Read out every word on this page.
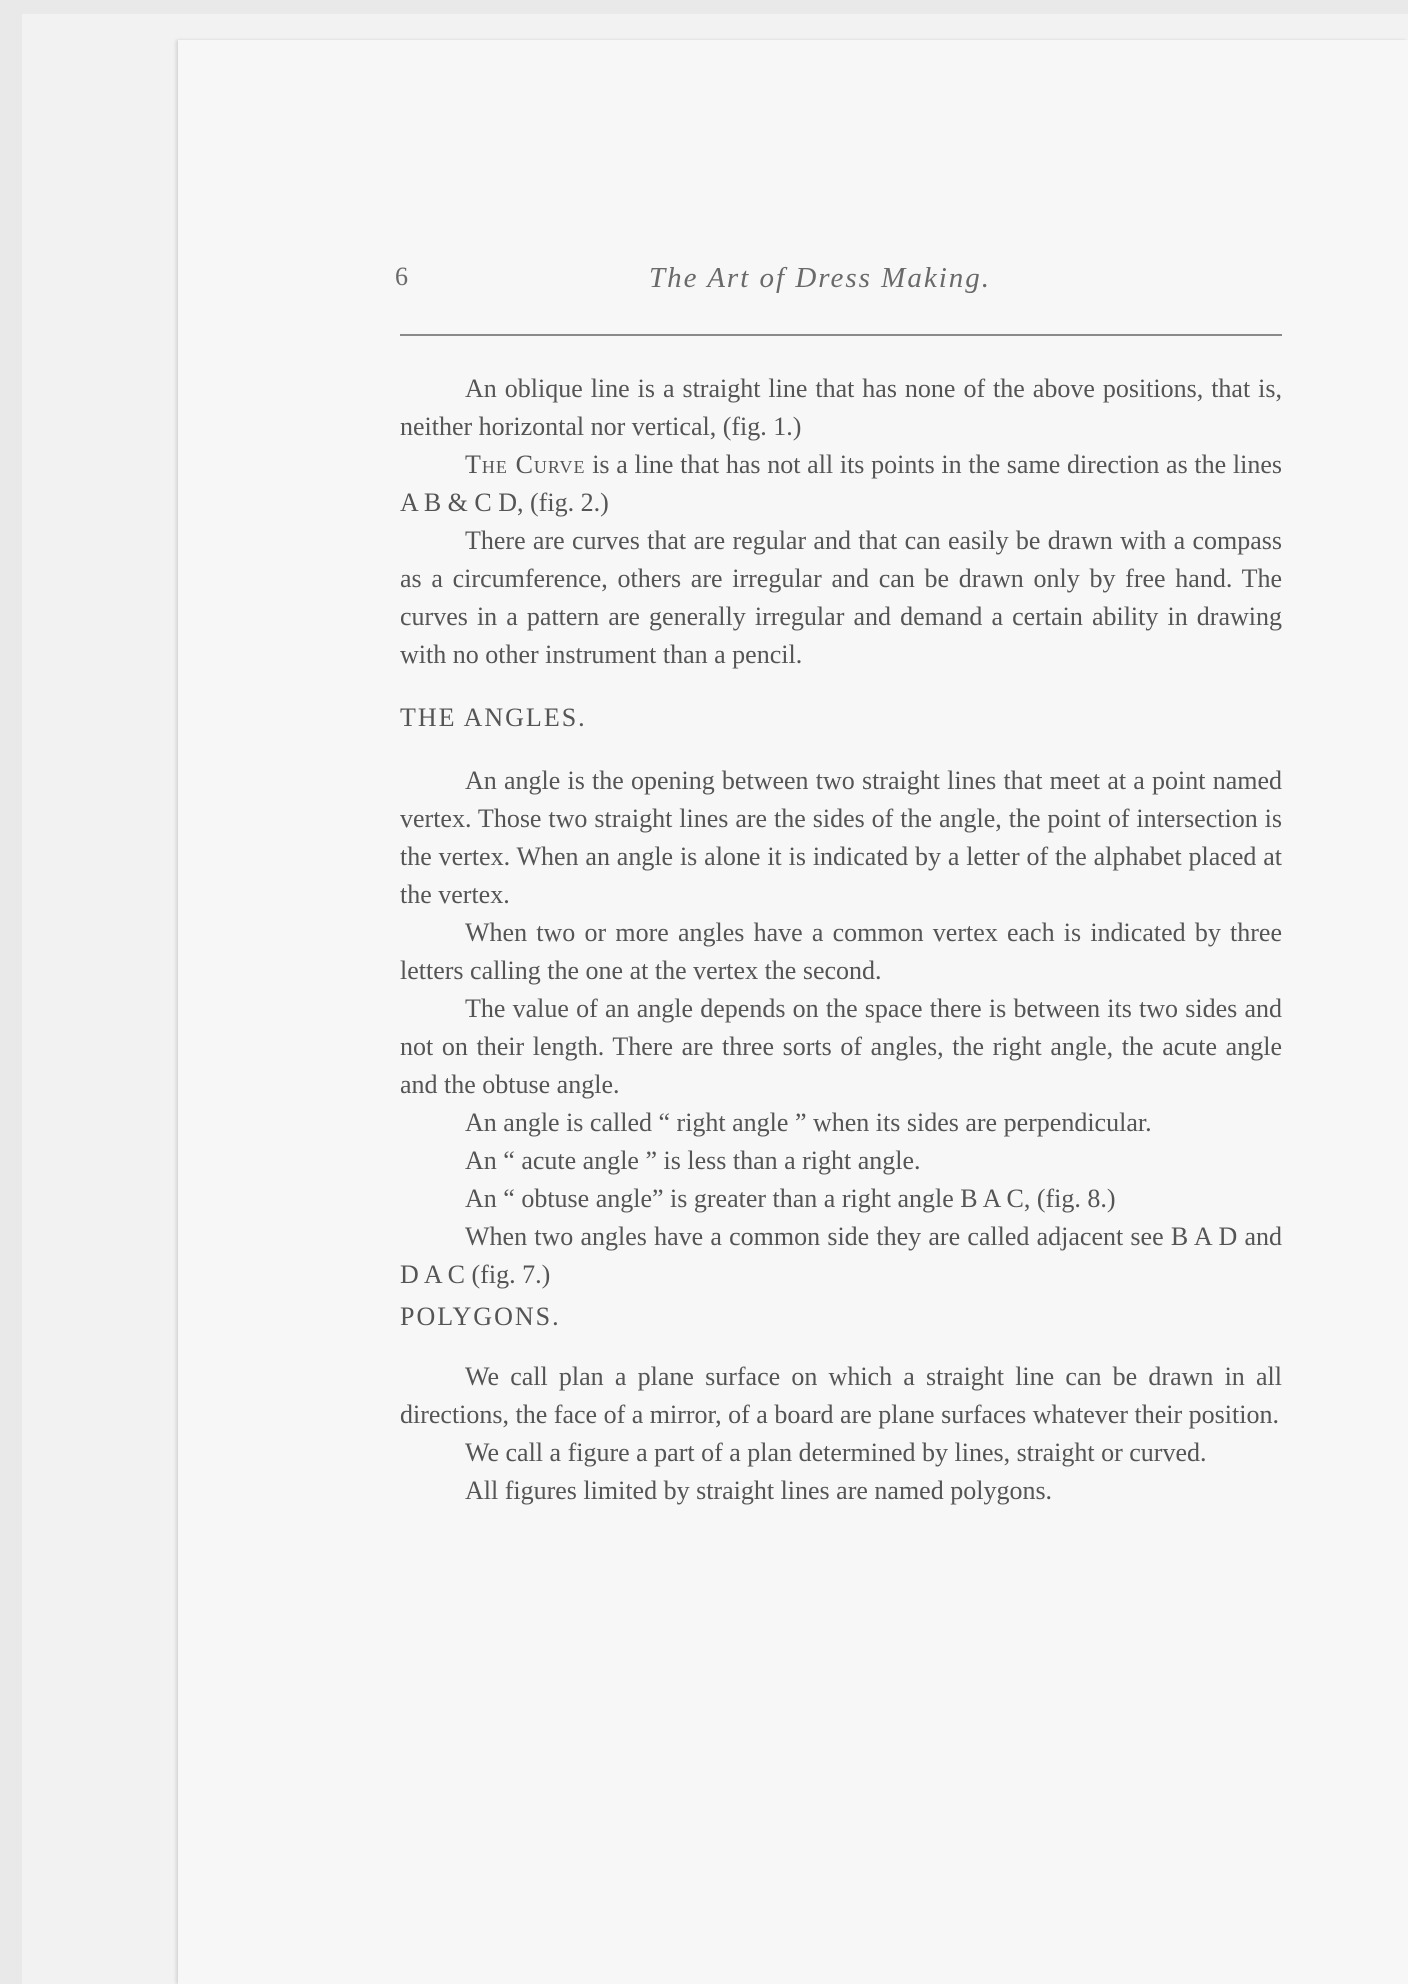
6	The Art of Dress Making.

An oblique line is a straight line that has none of the above positions, that is, neither horizontal nor vertical, (fig. 1.)

The Curve is a line that has not all its points in the same direction as the lines A B & C D, (fig. 2.)

There are curves that are regular and that can easily be drawn with a compass as a circumference, others are irregular and can be drawn only by free hand. The curves in a pattern are generally irregular and demand a certain ability in drawing with no other instrument than a pencil.

THE ANGLES.

An angle is the opening between two straight lines that meet at a point named vertex. Those two straight lines are the sides of the angle, the point of intersection is the vertex. When an angle is alone it is indicated by a letter of the alphabet placed at the vertex.

When two or more angles have a common vertex each is indicated by three letters calling the one at the vertex the second.

The value of an angle depends on the space there is between its two sides and not on their length. There are three sorts of angles, the right angle, the acute angle and the obtuse angle.

An angle is called “ right angle ” when its sides are perpendicular.

An “ acute angle ” is less than a right angle.

An “ obtuse angle” is greater than a right angle B A C, (fig. 8.)

When two angles have a common side they are called adjacent see B A D and D A C (fig. 7.)

POLYGONS.

We call plan a plane surface on which a straight line can be drawn in all directions, the face of a mirror, of a board are plane surfaces whatever their position.

We call a figure a part of a plan determined by lines, straight or curved.

All figures limited by straight lines are named polygons.
